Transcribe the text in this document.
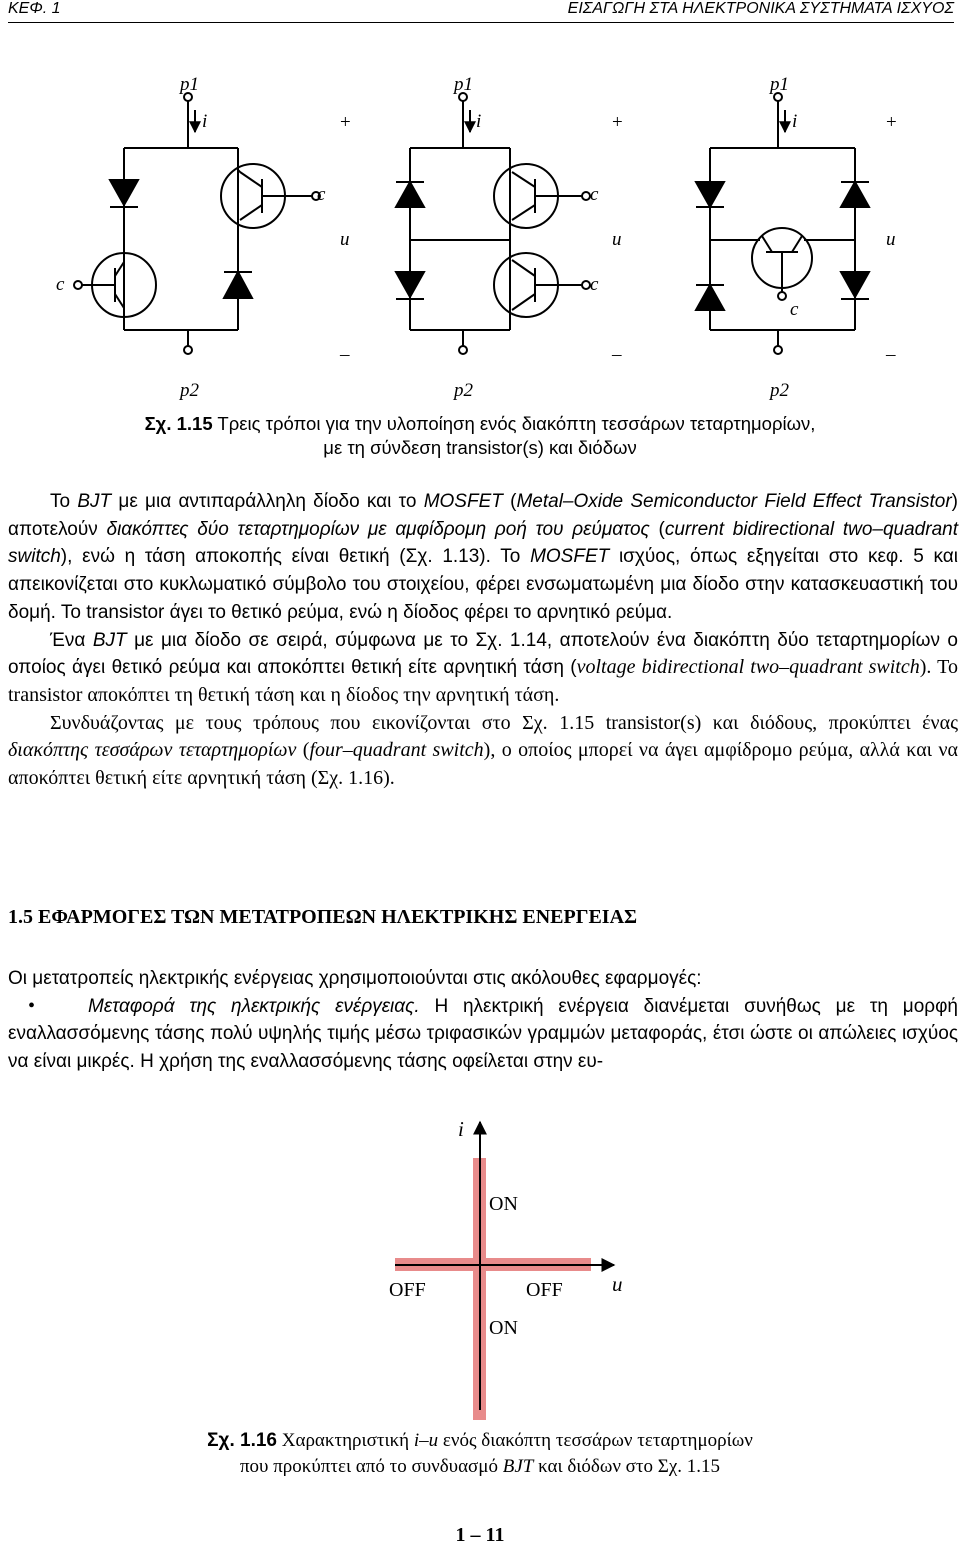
ΚΕΦ. 1	ΕΙΣΑΓΩΓΗ ΣΤΑ ΗΛΕΚΤΡΟΝΙΚΑ ΣΥΣΤΗΜΑΤΑ ΙΣΧΥΟΣ
p1
i	+
c
u
c
–
p2
p1
i	+
c
u
c
–
p2
p1
i	+
u
c
–
p2
Σχ. 1.15 Τρεις τρόποι για την υλοποίηση ενός διακόπτη τεσσάρων τεταρτημορίων,
με τη σύνδεση transistor(s) και διόδων

Το BJT με μια αντιπαράλληλη δίοδο και το MOSFET (Metal–Oxide Semiconductor Field Effect Transistor) αποτελούν διακόπτες δύο τεταρτημορίων με αμφίδρομη ροή του ρεύματος (current bidirectional two–quadrant switch), ενώ η τάση αποκοπής είναι θετική (Σχ. 1.13). Το MOSFET ισχύος, όπως εξηγείται στο κεφ. 5 και απεικονίζεται στο κυκλωματικό σύμβολο του στοιχείου, φέρει ενσωματωμένη μια δίοδο στην κατασκευαστική του δομή. Το transistor άγει το θετικό ρεύμα, ενώ η δίοδος φέρει το αρνητικό ρεύμα.

Ένα BJT με μια δίοδο σε σειρά, σύμφωνα με το Σχ. 1.14, αποτελούν ένα διακόπτη δύο τεταρτημορίων ο οποίος άγει θετικό ρεύμα και αποκόπτει θετική είτε αρνητική τάση (voltage bidirectional two–quadrant switch). Το transistor αποκόπτει τη θετική τάση και η δίοδος την αρνητική τάση.

Συνδυάζοντας με τους τρόπους που εικονίζονται στο Σχ. 1.15 transistor(s) και διόδους, προκύπτει ένας διακόπτης τεσσάρων τεταρτημορίων (four–quadrant switch), ο οποίος μπορεί να άγει αμφίδρομο ρεύμα, αλλά και να αποκόπτει θετική είτε αρνητική τάση (Σχ. 1.16).

1.5 ΕΦΑΡΜΟΓΕΣ ΤΩΝ ΜΕΤΑΤΡΟΠΕΩΝ ΗΛΕΚΤΡΙΚΗΣ ΕΝΕΡΓΕΙΑΣ

Οι μετατροπείς ηλεκτρικής ενέργειας χρησιμοποιούνται στις ακόλουθες εφαρμογές:

•	Μεταφορά της ηλεκτρικής ενέργειας. Η ηλεκτρική ενέργεια διανέμεται συνήθως με τη μορφή εναλλασσόμενης τάσης πολύ υψηλής τιμής μέσω τριφασικών γραμμών μεταφοράς, έτσι ώστε οι απώλειες ισχύος να είναι μικρές. Η χρήση της εναλλασσόμενης τάσης οφείλεται στην ευ-

i
u
ON
OFF	OFF
ON
Σχ. 1.16 Χαρακτηριστική i–u ενός διακόπτη τεσσάρων τεταρτημορίων
που προκύπτει από το συνδυασμό BJT και διόδων στο Σχ. 1.15
1 – 11
